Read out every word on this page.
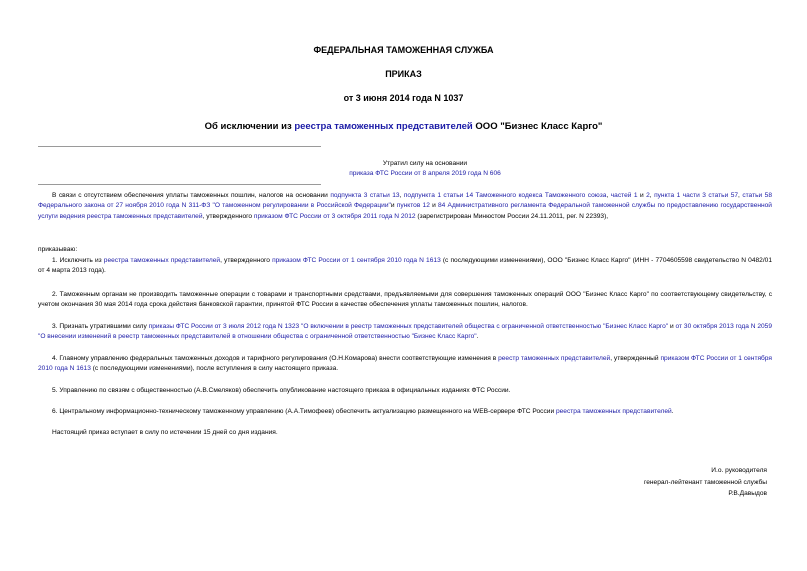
ФЕДЕРАЛЬНАЯ ТАМОЖЕННАЯ СЛУЖБА
ПРИКАЗ
от 3 июня 2014 года N 1037
Об исключении из реестра таможенных представителей ООО "Бизнес Класс Карго"
Утратил силу на основании
приказа ФТС России от 8 апреля 2019 года N 606
В связи с отсутствием обеспечения уплаты таможенных пошлин, налогов на основании подпункта 3 статьи 13, подпункта 1 статьи 14 Таможенного кодекса Таможенного союза, частей 1 и 2, пункта 1 части 3 статьи 57, статьи 58 Федерального закона от 27 ноября 2010 года N 311-ФЗ "О таможенном регулировании в Российской Федерации"и пунктов 12 и 84 Административного регламента Федеральной таможенной службы по предоставлению государственной услуги ведения реестра таможенных представителей, утвержденного приказом ФТС России от 3 октября 2011 года N 2012 (зарегистрирован Минюстом России 24.11.2011, рег. N 22393),
приказываю:
1. Исключить из реестра таможенных представителей, утвержденного приказом ФТС России от 1 сентября 2010 года N 1613 (с последующими изменениями), ООО "Бизнес Класс Карго" (ИНН - 7704605598 свидетельство N 0482/01 от 4 марта 2013 года).
2. Таможенным органам не производить таможенные операции с товарами и транспортными средствами, предъявляемыми для совершения таможенных операций ООО "Бизнес Класс Карго" по соответствующему свидетельству, с учетом окончания 30 мая 2014 года срока действия банковской гарантии, принятой ФТС России в качестве обеспечения уплаты таможенных пошлин, налогов.
3. Признать утратившими силу приказы ФТС России от 3 июля 2012 года N 1323 "О включении в реестр таможенных представителей общества с ограниченной ответственностью "Бизнес Класс Карго" и от 30 октября 2013 года N 2059 "О внесении изменений в реестр таможенных представителей в отношении общества с ограниченной ответственностью "Бизнес Класс Карго".
4. Главному управлению федеральных таможенных доходов и тарифного регулирования (О.Н.Комарова) внести соответствующие изменения в реестр таможенных представителей, утвержденный приказом ФТС России от 1 сентября 2010 года N 1613 (с последующими изменениями), после вступления в силу настоящего приказа.
5. Управлению по связям с общественностью (А.В.Смеляков) обеспечить опубликование настоящего приказа в официальных изданиях ФТС России.
6. Центральному информационно-техническому таможенному управлению (А.А.Тимофеев) обеспечить актуализацию размещенного на WEB-сервере ФТС России реестра таможенных представителей.
Настоящий приказ вступает в силу по истечении 15 дней со дня издания.
И.о. руководителя
генерал-лейтенант таможенной службы
Р.В.Давыдов
